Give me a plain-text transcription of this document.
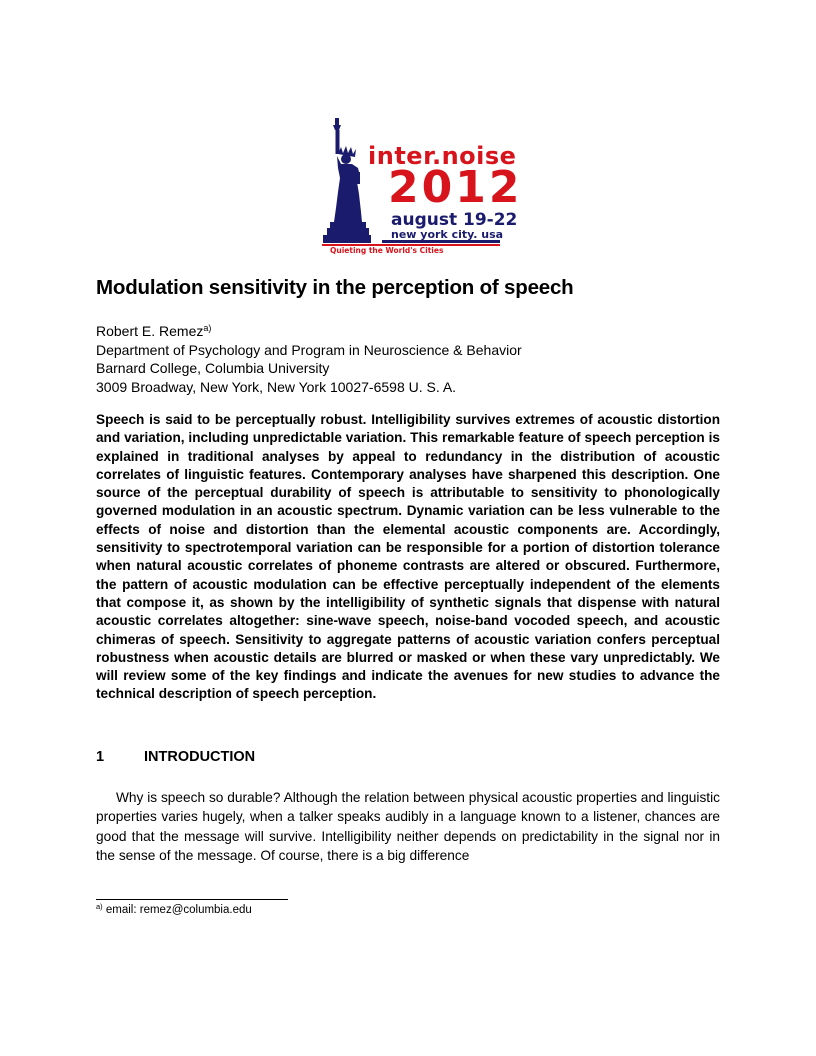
inter.noise
2012
august 19-22
new york city. usa
Quieting the World's Cities
Modulation sensitivity in the perception of speech
Robert E. Remez$^{a)}$
Department of Psychology and Program in Neuroscience & Behavior
Barnard College, Columbia University
3009 Broadway, New York, New York 10027-6598 U. S. A.
Speech is said to be perceptually robust. Intelligibility survives extremes of acoustic distortion and variation, including unpredictable variation. This remarkable feature of speech perception is explained in traditional analyses by appeal to redundancy in the distribution of acoustic correlates of linguistic features. Contemporary analyses have sharpened this description. One source of the perceptual durability of speech is attributable to sensitivity to phonologically governed modulation in an acoustic spectrum. Dynamic variation can be less vulnerable to the effects of noise and distortion than the elemental acoustic components are. Accordingly, sensitivity to spectrotemporal variation can be responsible for a portion of distortion tolerance when natural acoustic correlates of phoneme contrasts are altered or obscured. Furthermore, the pattern of acoustic modulation can be effective perceptually independent of the elements that compose it, as shown by the intelligibility of synthetic signals that dispense with natural acoustic correlates altogether: sine-wave speech, noise-band vocoded speech, and acoustic chimeras of speech. Sensitivity to aggregate patterns of acoustic variation confers perceptual robustness when acoustic details are blurred or masked or when these vary unpredictably. We will review some of the key findings and indicate the avenues for new studies to advance the technical description of speech perception.
1	INTRODUCTION
Why is speech so durable? Although the relation between physical acoustic properties and linguistic properties varies hugely, when a talker speaks audibly in a language known to a listener, chances are good that the message will survive. Intelligibility neither depends on predictability in the signal nor in the sense of the message. Of course, there is a big difference
$^{a)}$ email: remez@columbia.edu
